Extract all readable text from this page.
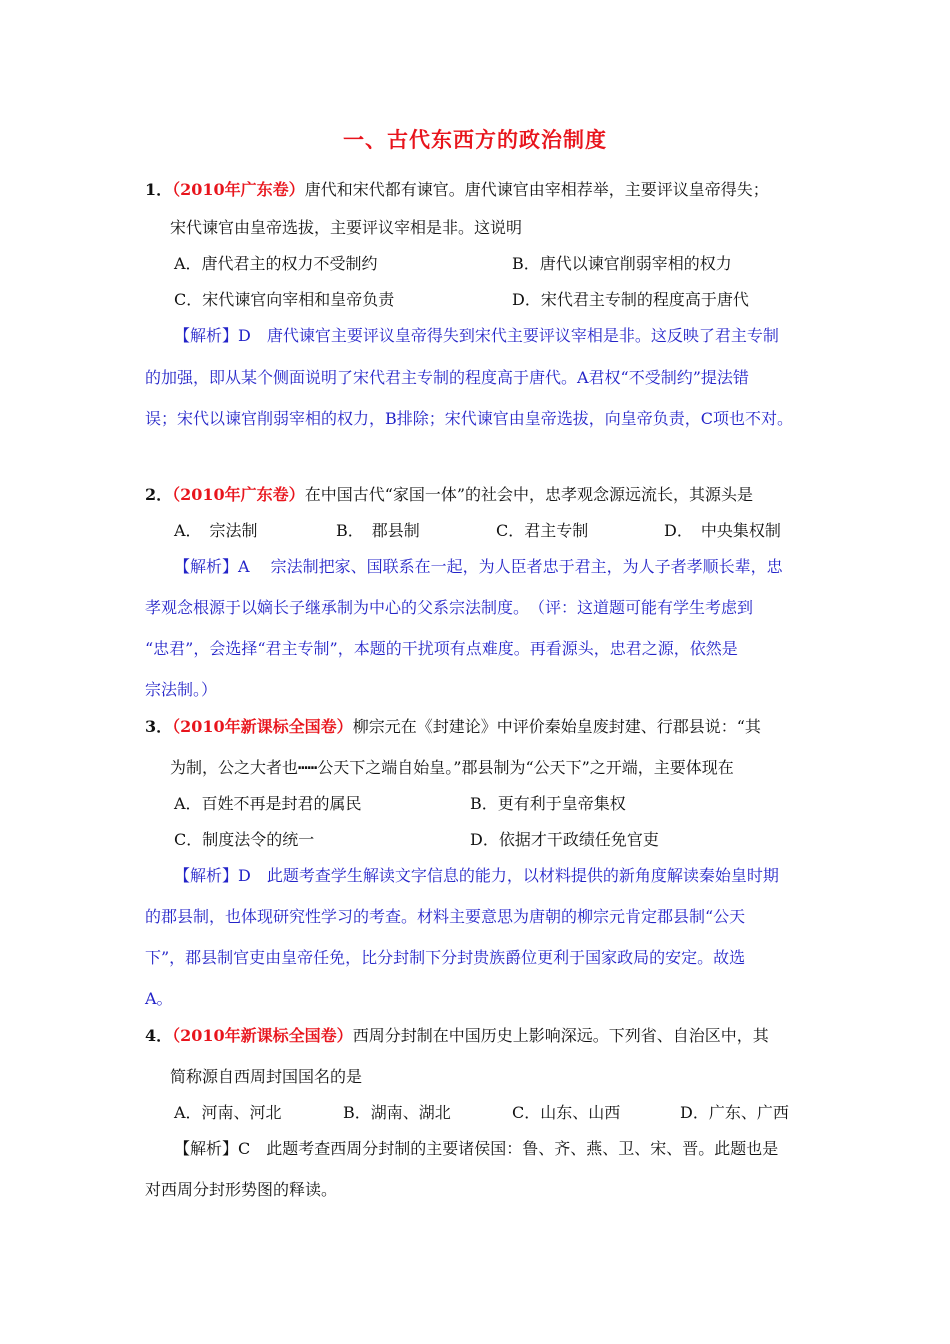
一、古代东西方的政治制度
1．（2010年广东卷）唐代和宋代都有谏官。唐代谏官由宰相荐举，主要评议皇帝得失；
宋代谏官由皇帝选拔，主要评议宰相是非。这说明
A．唐代君主的权力不受制约	B．唐代以谏官削弱宰相的权力
C．宋代谏官向宰相和皇帝负责	D．宋代君主专制的程度高于唐代
【解析】D　唐代谏官主要评议皇帝得失到宋代主要评议宰相是非。这反映了君主专制
的加强，即从某个侧面说明了宋代君主专制的程度高于唐代。A君权“不受制约”提法错
误；宋代以谏官削弱宰相的权力，B排除；宋代谏官由皇帝选拔，向皇帝负责，C项也不对。
2．（2010年广东卷）在中国古代“家国一体”的社会中，忠孝观念源远流长，其源头是
A．　宗法制	B．　郡县制	C．君主专制	D．　中央集权制
【解析】A　 宗法制把家、国联系在一起，为人臣者忠于君主，为人子者孝顺长辈，忠
孝观念根源于以嫡长子继承制为中心的父系宗法制度。　（评：这道题可能有学生考虑到
“忠君”，会选择“君主专制”，本题的干扰项有点难度。再看源头，忠君之源，依然是
宗法制。）
3．（2010年新课标全国卷）柳宗元在《封建论》中评价秦始皇废封建、行郡县说：“其
为制，公之大者也┅┅公天下之端自始皇。”郡县制为“公天下”之开端，主要体现在
A．百姓不再是封君的属民	B．更有利于皇帝集权
C．制度法令的统一	D．依据才干政绩任免官吏
【解析】D　此题考查学生解读文字信息的能力，以材料提供的新角度解读秦始皇时期
的郡县制，也体现研究性学习的考查。材料主要意思为唐朝的柳宗元肯定郡县制“公天
下”，郡县制官吏由皇帝任免，比分封制下分封贵族爵位更利于国家政局的安定。故选
A。
4．（2010年新课标全国卷）西周分封制在中国历史上影响深远。下列省、自治区中，其
简称源自西周封国国名的是
A．河南、河北	B．湖南、湖北	C．山东、山西	D．广东、广西
【解析】C　此题考查西周分封制的主要诸侯国：鲁、齐、燕、卫、宋、晋。此题也是
对西周分封形势图的释读。
